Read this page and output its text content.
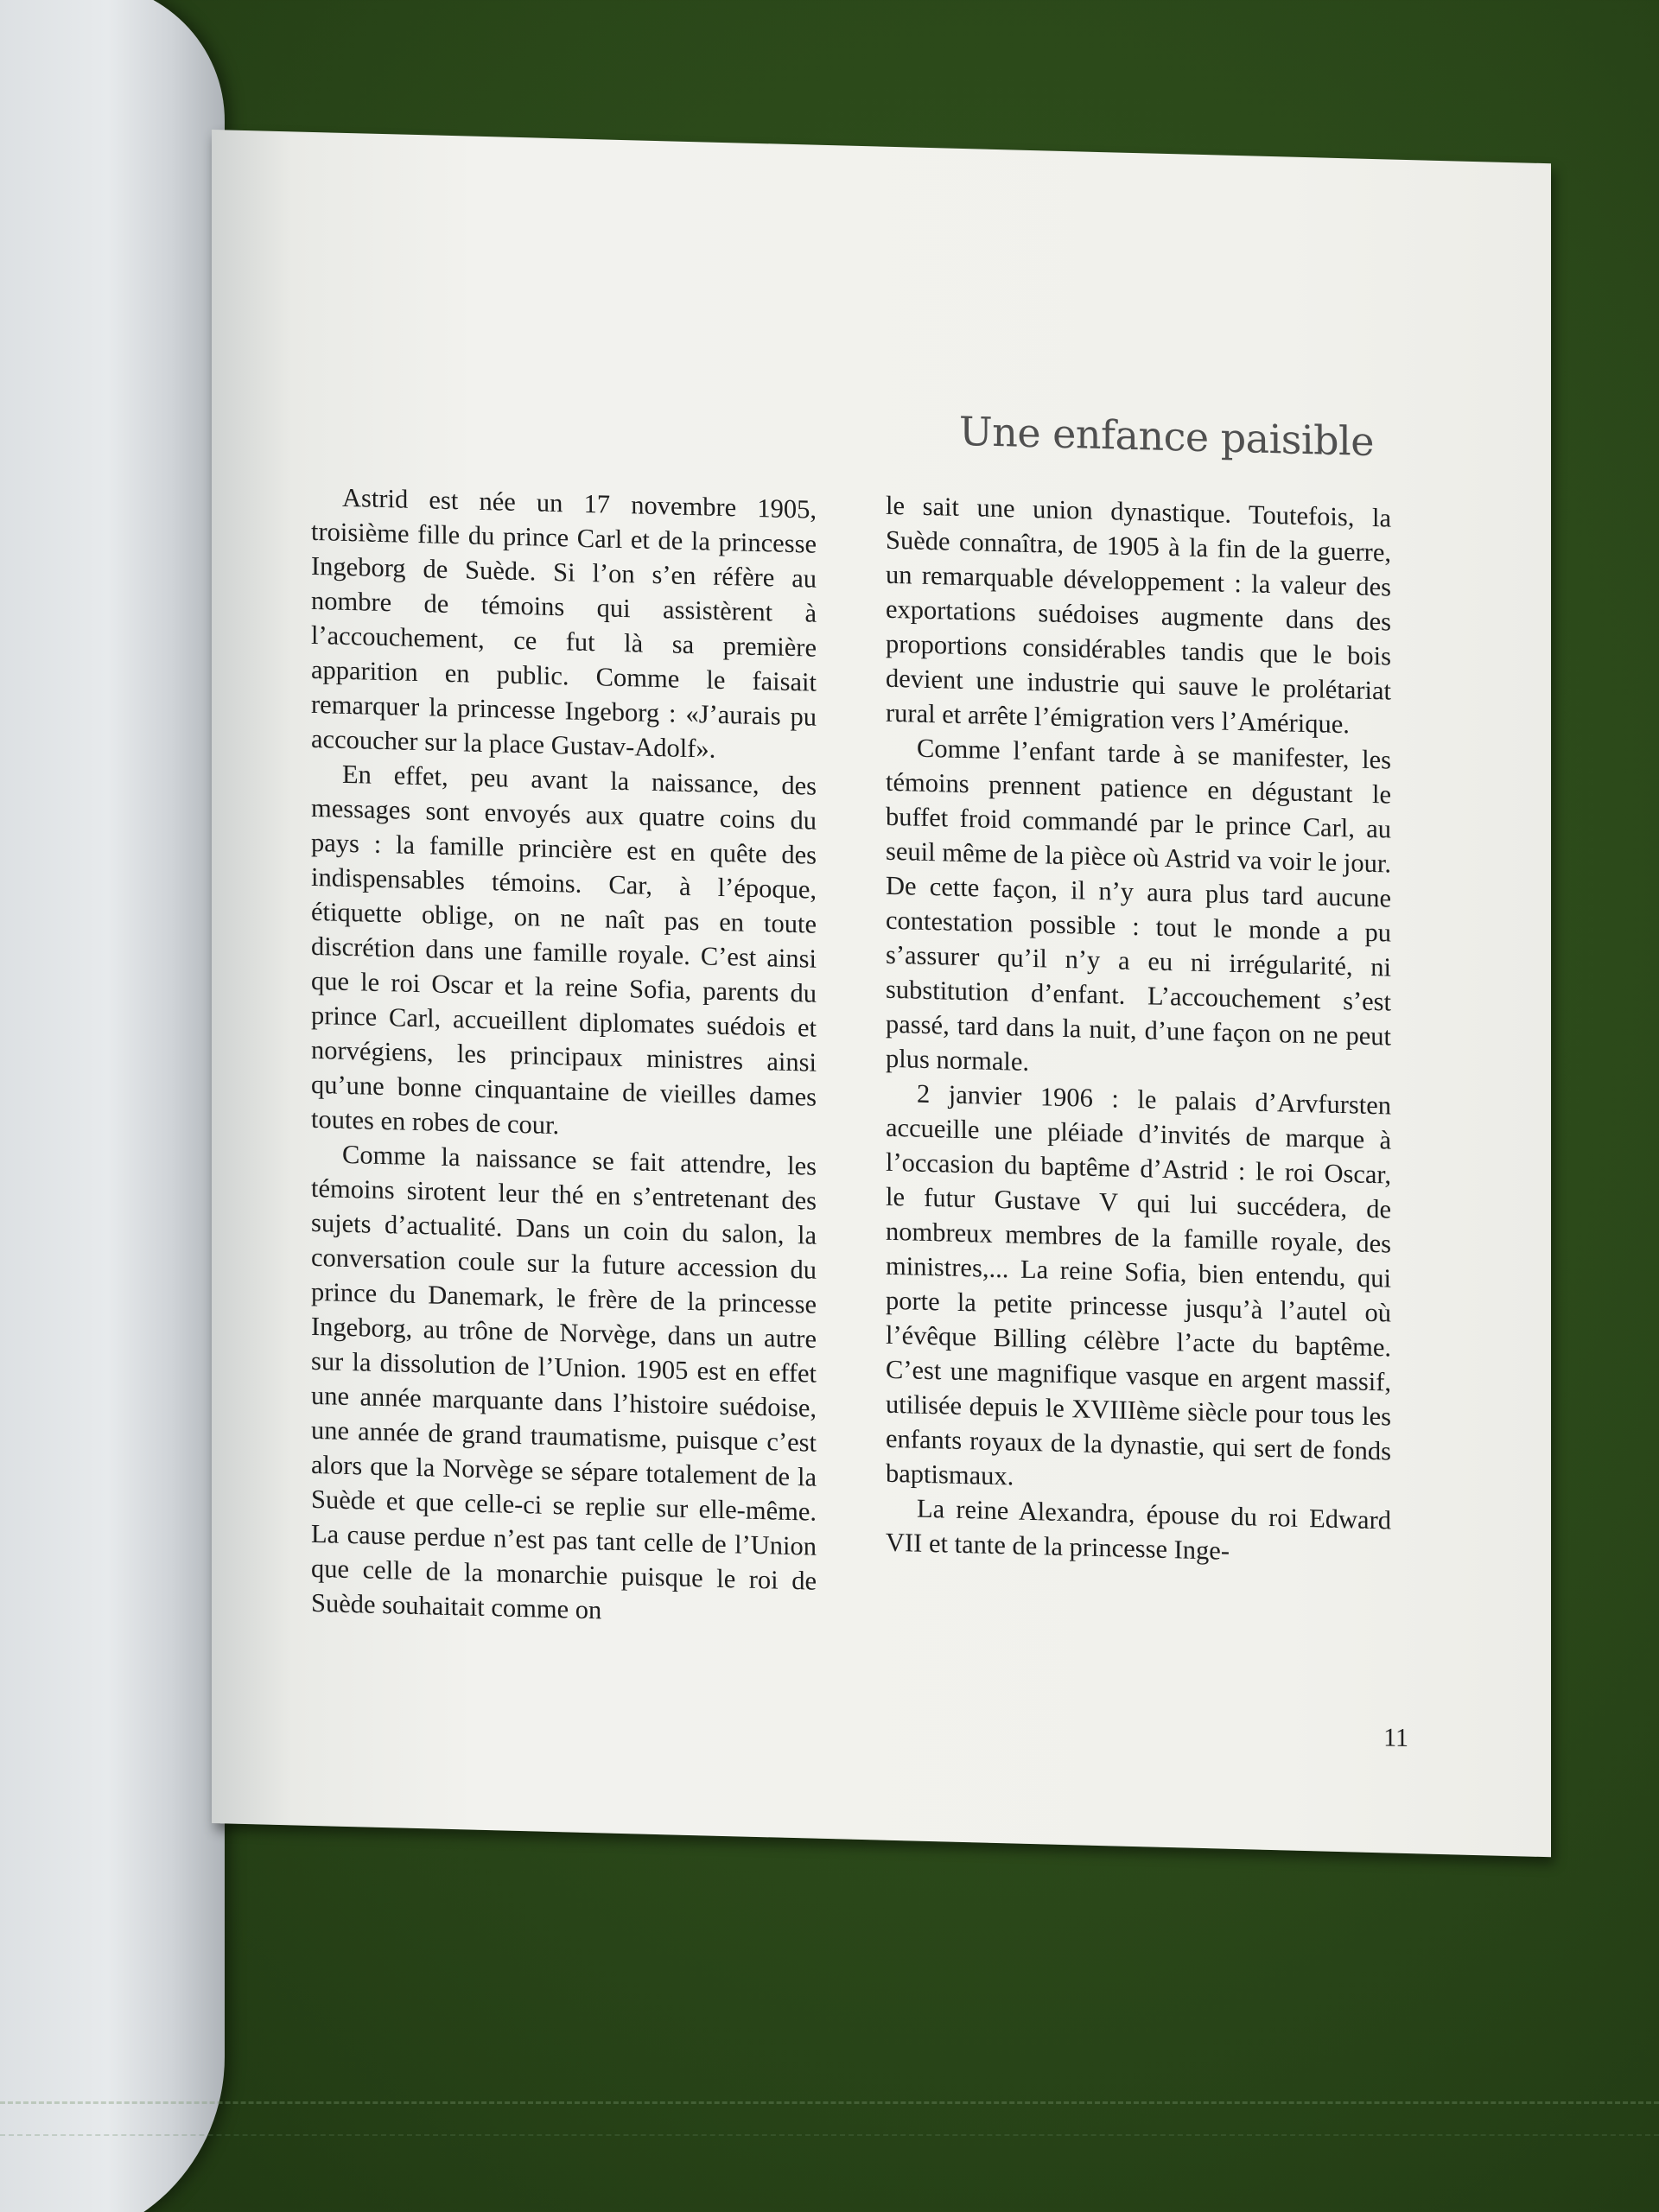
Une enfance paisible

Astrid est née un 17 novembre 1905, troisième fille du prince Carl et de la princesse Ingeborg de Suède. Si l’on s’en réfère au nombre de témoins qui assistèrent à l’accouchement, ce fut là sa première apparition en public. Comme le faisait remarquer la princesse Ingeborg : «J’aurais pu accoucher sur la place Gustav-Adolf».

En effet, peu avant la naissance, des messages sont envoyés aux quatre coins du pays : la famille princière est en quête des indispensables témoins. Car, à l’époque, étiquette oblige, on ne naît pas en toute discrétion dans une famille royale. C’est ainsi que le roi Oscar et la reine Sofia, parents du prince Carl, accueillent diplomates suédois et norvégiens, les principaux ministres ainsi qu’une bonne cinquantaine de vieilles dames toutes en robes de cour.

Comme la naissance se fait attendre, les témoins sirotent leur thé en s’entretenant des sujets d’actualité. Dans un coin du salon, la conversation coule sur la future accession du prince du Danemark, le frère de la princesse Ingeborg, au trône de Norvège, dans un autre sur la dissolution de l’Union. 1905 est en effet une année marquante dans l’histoire suédoise, une année de grand traumatisme, puisque c’est alors que la Norvège se sépare totalement de la Suède et que celle-ci se replie sur elle-même. La cause perdue n’est pas tant celle de l’Union que celle de la monarchie puisque le roi de Suède souhaitait comme on

le sait une union dynastique. Toutefois, la Suède connaîtra, de 1905 à la fin de la guerre, un remarquable développement : la valeur des exportations suédoises augmente dans des proportions considérables tandis que le bois devient une industrie qui sauve le prolétariat rural et arrête l’émigration vers l’Amérique.

Comme l’enfant tarde à se manifester, les témoins prennent patience en dégustant le buffet froid commandé par le prince Carl, au seuil même de la pièce où Astrid va voir le jour. De cette façon, il n’y aura plus tard aucune contestation possible : tout le monde a pu s’assurer qu’il n’y a eu ni irrégularité, ni substitution d’enfant. L’accouchement s’est passé, tard dans la nuit, d’une façon on ne peut plus normale.

2 janvier 1906 : le palais d’Arvfursten accueille une pléiade d’invités de marque à l’occasion du baptême d’Astrid : le roi Oscar, le futur Gustave V qui lui succédera, de nombreux membres de la famille royale, des ministres,... La reine Sofia, bien entendu, qui porte la petite princesse jusqu’à l’autel où l’évêque Billing célèbre l’acte du baptême. C’est une magnifique vasque en argent massif, utilisée depuis le XVIIIème siècle pour tous les enfants royaux de la dynastie, qui sert de fonds baptismaux.

La reine Alexandra, épouse du roi Edward VII et tante de la princesse Inge-

11
